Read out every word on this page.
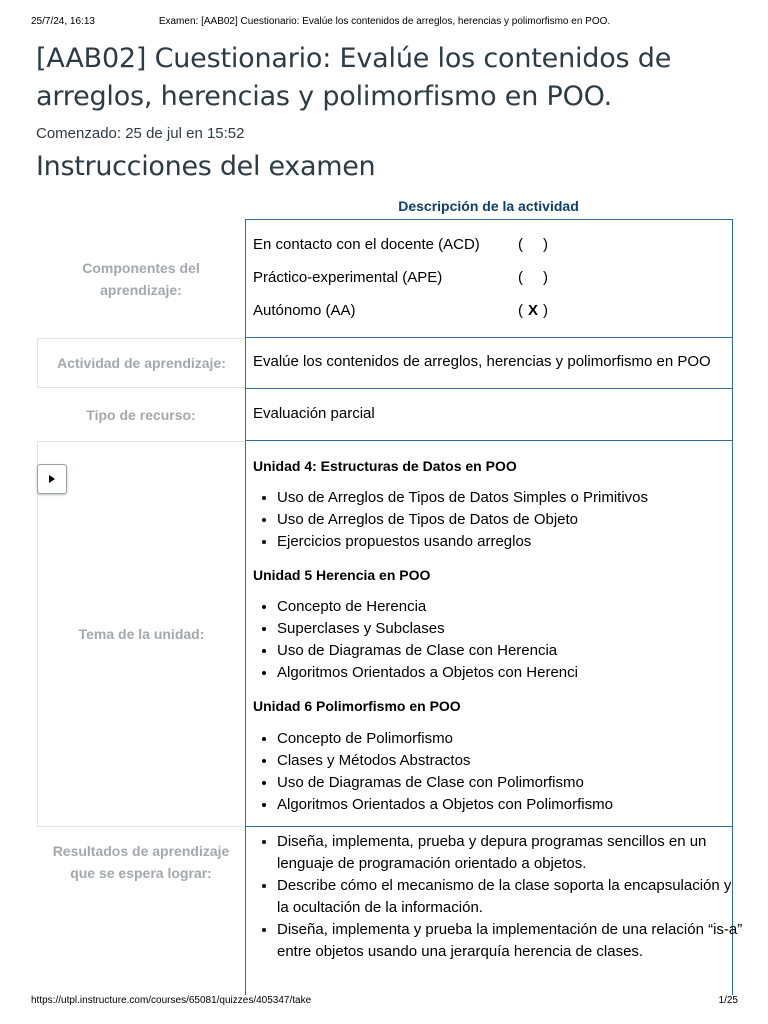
25/7/24, 16:13	Examen: [AAB02] Cuestionario: Evalúe los contenidos de arreglos, herencias y polimorfismo en POO.
[AAB02] Cuestionario: Evalúe los contenidos de arreglos, herencias y polimorfismo en POO.
Comenzado: 25 de jul en 15:52
Instrucciones del examen
Descripción de la actividad
Componentes del aprendizaje:
En contacto con el docente (ACD)	( )
Práctico-experimental (APE)	( )
Autónomo (AA)	( X )
Actividad de aprendizaje:	Evalúe los contenidos de arreglos, herencias y polimorfismo en POO
Tipo de recurso:	Evaluación parcial
Tema de la unidad:
Unidad 4: Estructuras de Datos en POO
• Uso de Arreglos de Tipos de Datos Simples o Primitivos
• Uso de Arreglos de Tipos de Datos de Objeto
• Ejercicios propuestos usando arreglos
Unidad 5 Herencia en POO
• Concepto de Herencia
• Superclases y Subclases
• Uso de Diagramas de Clase con Herencia
• Algoritmos Orientados a Objetos con Herenci
Unidad 6 Polimorfismo en POO
• Concepto de Polimorfismo
• Clases y Métodos Abstractos
• Uso de Diagramas de Clase con Polimorfismo
• Algoritmos Orientados a Objetos con Polimorfismo
Resultados de aprendizaje que se espera lograr:
• Diseña, implementa, prueba y depura programas sencillos en un lenguaje de programación orientado a objetos.
• Describe cómo el mecanismo de la clase soporta la encapsulación y la ocultación de la información.
• Diseña, implementa y prueba la implementación de una relación “is-a” entre objetos usando una jerarquía herencia de clases.
https://utpl.instructure.com/courses/65081/quizzes/405347/take	1/25
